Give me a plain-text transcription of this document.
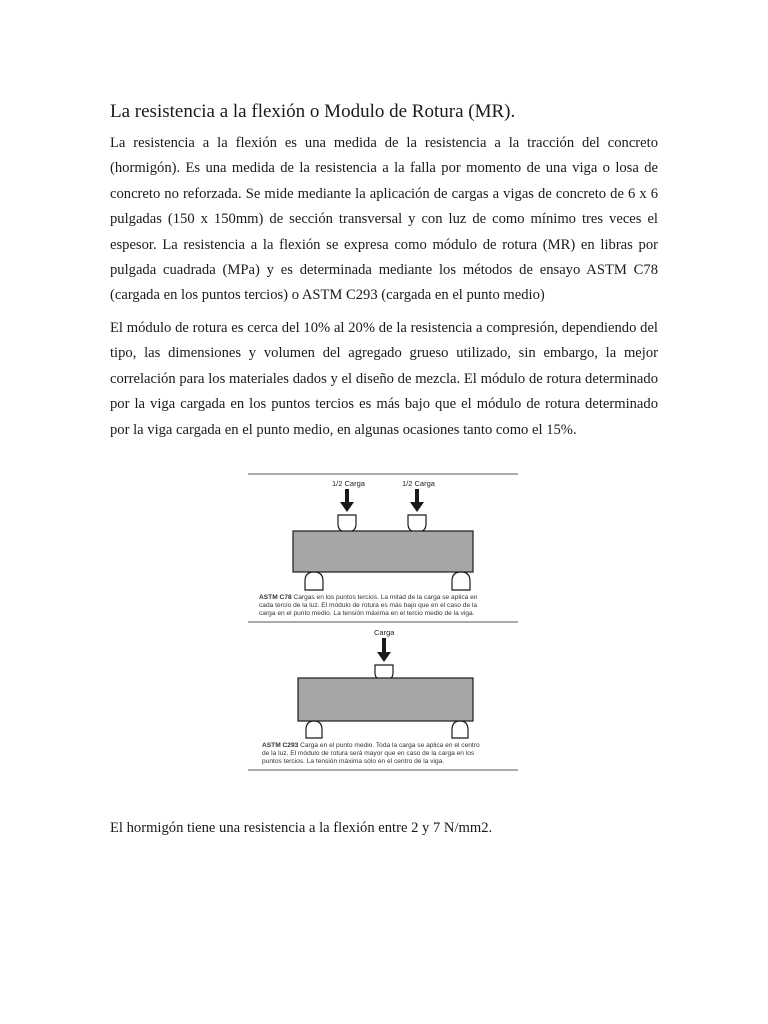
La resistencia a la flexión o Modulo de Rotura (MR).

La resistencia a la flexión es una medida de la resistencia a la tracción del concreto (hormigón). Es una medida de la resistencia a la falla por momento de una viga o losa de concreto no reforzada. Se mide mediante la aplicación de cargas a vigas de concreto de 6 x 6 pulgadas (150 x 150mm) de sección transversal y con luz de como mínimo tres veces el espesor. La resistencia a la flexión se expresa como módulo de rotura (MR) en libras por pulgada cuadrada (MPa) y es determinada mediante los métodos de ensayo ASTM C78 (cargada en los puntos tercios) o ASTM C293 (cargada en el punto medio)

El módulo de rotura es cerca del 10% al 20% de la resistencia a compresión, dependiendo del tipo, las dimensiones y volumen del agregado grueso utilizado, sin embargo, la mejor correlación para los materiales dados y el diseño de mezcla. El módulo de rotura determinado por la viga cargada en los puntos tercios es más bajo que el módulo de rotura determinado por la viga cargada en el punto medio, en algunas ocasiones tanto como el 15%.

1/2 Carga	1/2 Carga
ASTM C78 Cargas en los puntos tercios. La mitad de la carga se aplica en
cada tercio de la luz. El módulo de rotura es más bajo que en el caso de la
carga en el punto medio. La tensión máxima en el tercio medio de la viga.
Carga
ASTM C293 Carga en el punto medio. Toda la carga se aplica en el centro
de la luz. El módulo de rotura será mayor que en caso de la carga en los
puntos tercios. La tensión máxima sólo en el centro de la viga.

El hormigón tiene una resistencia a la flexión entre 2 y 7 N/mm2.
